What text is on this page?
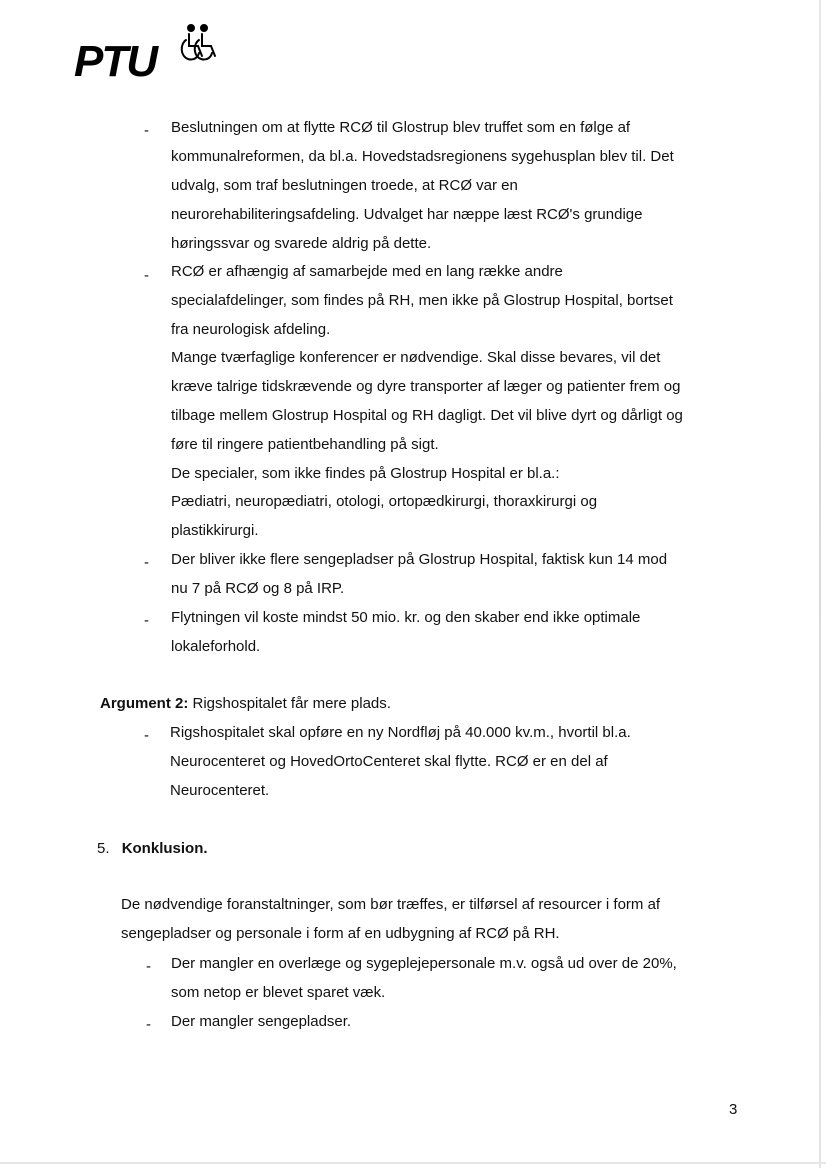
PTU
- Beslutningen om at flytte RCØ til Glostrup blev truffet som en følge af
kommunalreformen, da bl.a. Hovedstadsregionens sygehusplan blev til. Det
udvalg, som traf beslutningen troede, at RCØ var en
neurorehabiliteringsafdeling. Udvalget har næppe læst RCØ's grundige
høringssvar og svarede aldrig på dette.
- RCØ er afhængig af samarbejde med en lang række andre
specialafdelinger, som findes på RH, men ikke på Glostrup Hospital, bortset
fra neurologisk afdeling.
Mange tværfaglige konferencer er nødvendige. Skal disse bevares, vil det
kræve talrige tidskrævende og dyre transporter af læger og patienter frem og
tilbage mellem Glostrup Hospital og RH dagligt. Det vil blive dyrt og dårligt og
føre til ringere patientbehandling på sigt.
De specialer, som ikke findes på Glostrup Hospital er bl.a.:
Pædiatri, neuropædiatri, otologi, ortopædkirurgi, thoraxkirurgi og
plastikkirurgi.
- Der bliver ikke flere sengepladser på Glostrup Hospital, faktisk kun 14 mod
nu 7 på RCØ og 8 på IRP.
- Flytningen vil koste mindst 50 mio. kr. og den skaber end ikke optimale
lokaleforhold.
Argument 2: Rigshospitalet får mere plads.
- Rigshospitalet skal opføre en ny Nordfløj på 40.000 kv.m., hvortil bl.a.
Neurocenteret og HovedOrtoCenteret skal flytte. RCØ er en del af
Neurocenteret.
5. Konklusion.
De nødvendige foranstaltninger, som bør træffes, er tilførsel af resourcer i form af
sengepladser og personale i form af en udbygning af RCØ på RH.
- Der mangler en overlæge og sygeplejepersonale m.v. også ud over de 20%,
som netop er blevet sparet væk.
- Der mangler sengepladser.
3
